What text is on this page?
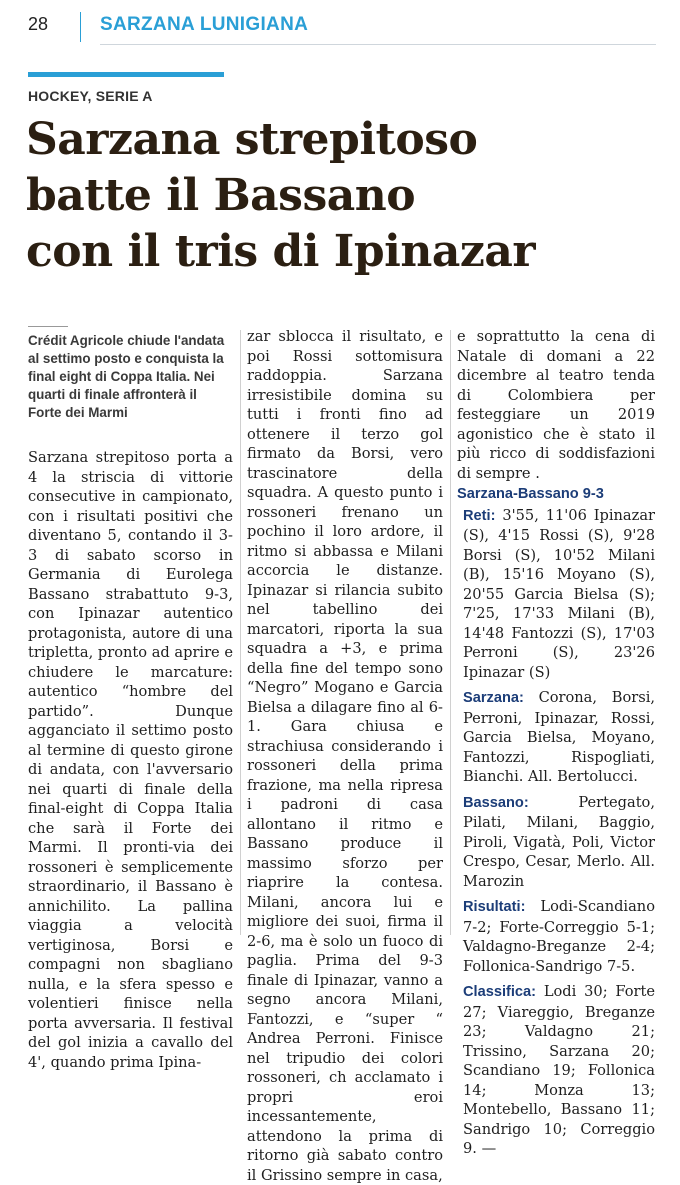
28	SARZANA LUNIGIANA
HOCKEY, SERIE A
Sarzana strepitoso
batte il Bassano
con il tris di Ipinazar
Crédit Agricole chiude l'andata al settimo posto e conquista la final eight di Coppa Italia. Nei quarti di finale affronterà il Forte dei Marmi

Sarzana strepitoso porta a 4 la striscia di vittorie consecutive in campionato, con i risultati positivi che diventano 5, contando il 3-3 di sabato scorso in Germania di Eurolega Bassano strabattuto 9-3, con Ipinazar autentico protagonista, autore di una tripletta, pronto ad aprire e chiudere le marcature: autentico “hombre del partido”. Dunque agganciato il settimo posto al termine di questo girone di andata, con l'avversario nei quarti di finale della final-eight di Coppa Italia che sarà il Forte dei Marmi. Il pronti-via dei rossoneri è semplicemente straordinario, il Bassano è annichilito. La pallina viaggia a velocità vertiginosa, Borsi e compagni non sbagliano nulla, e la sfera spesso e volentieri finisce nella porta avversaria. Il festival del gol inizia a cavallo del 4', quando prima Ipina-

zar sblocca il risultato, e poi Rossi sottomisura raddoppia. Sarzana irresistibile domina su tutti i fronti fino ad ottenere il terzo gol firmato da Borsi, vero trascinatore della squadra. A questo punto i rossoneri frenano un pochino il loro ardore, il ritmo si abbassa e Milani accorcia le distanze. Ipinazar si rilancia subito nel tabellino dei marcatori, riporta la sua squadra a +3, e prima della fine del tempo sono “Negro” Mogano e Garcia Bielsa a dilagare fino al 6-1. Gara chiusa e strachiusa considerando i rossoneri della prima frazione, ma nella ripresa i padroni di casa allontano il ritmo e Bassano produce il massimo sforzo per riaprire la contesa. Milani, ancora lui e migliore dei suoi, firma il 2-6, ma è solo un fuoco di paglia. Prima del 9-3 finale di Ipinazar, vanno a segno ancora Milani, Fantozzi, e “super “ Andrea Perroni. Finisce nel tripudio dei colori rossoneri, ch acclamato i propri eroi incessantemente, attendono la prima di ritorno già sabato contro il Grissino sempre in casa,

e soprattutto la cena di Natale di domani a 22 dicembre al teatro tenda di Colombiera per festeggiare un 2019 agonistico che è stato il più ricco di soddisfazioni di sempre .

Sarzana-Bassano 9-3
Reti: 3'55, 11'06 Ipinazar (S), 4'15 Rossi (S), 9'28 Borsi (S), 10'52 Milani (B), 15'16 Moyano (S), 20'55 Garcia Bielsa (S); 7'25, 17'33 Milani (B), 14'48 Fantozzi (S), 17'03 Perroni (S), 23'26 Ipinazar (S)
Sarzana: Corona, Borsi, Perroni, Ipinazar, Rossi, Garcia Bielsa, Moyano, Fantozzi, Rispogliati, Bianchi. All. Bertolucci.
Bassano:	Pertegato, Pilati, Milani, Baggio, Piroli, Vigatà, Poli, Victor Crespo, Cesar, Merlo. All. Marozin
Risultati: Lodi-Scandiano 7-2; Forte-Correggio 5-1; Valdagno-Breganze 2-4; Follonica-Sandrigo 7-5.
Classifica: Lodi 30; Forte 27; Viareggio, Breganze 23; Valdagno 21; Trissino, Sarzana 20; Scandiano 19; Follonica 14; Monza 13; Montebello, Bassano 11; Sandrigo 10; Correggio 9. —
